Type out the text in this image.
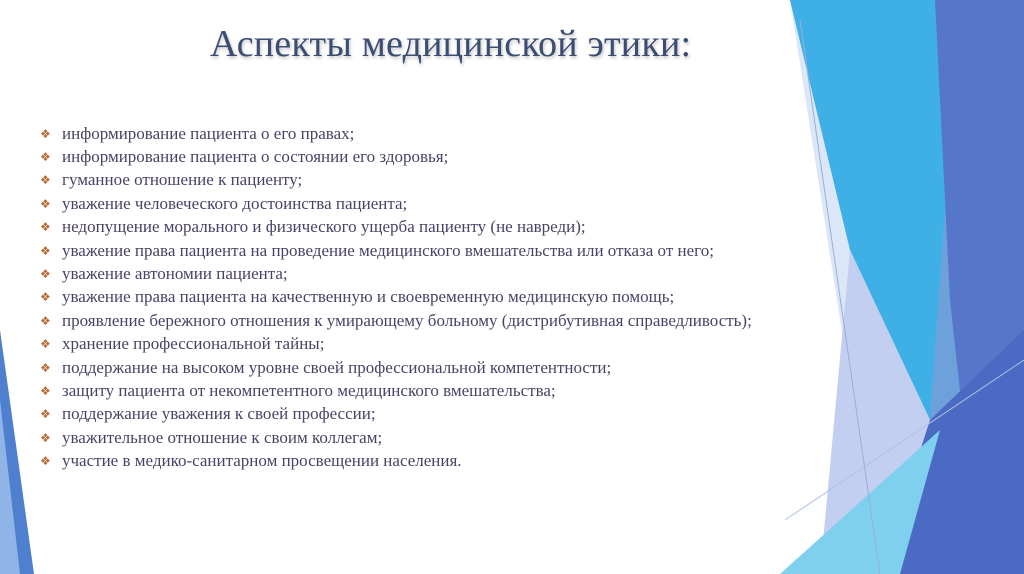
Аспекты медицинской этики:
❖ информирование пациента о его правах;
❖ информирование пациента о состоянии его здоровья;
❖ гуманное отношение к пациенту;
❖ уважение человеческого достоинства пациента;
❖ недопущение морального и физического ущерба пациенту (не навреди);
❖ уважение права пациента на проведение медицинского вмешательства или отказа от него;
❖ уважение автономии пациента;
❖ уважение права пациента на качественную и своевременную медицинскую помощь;
❖ проявление бережного отношения к умирающему больному (дистрибутивная справедливость);
❖ хранение профессиональной тайны;
❖ поддержание на высоком уровне своей профессиональной компетентности;
❖ защиту пациента от некомпетентного медицинского вмешательства;
❖ поддержание уважения к своей профессии;
❖ уважительное отношение к своим коллегам;
❖ участие в медико-санитарном просвещении населения.
